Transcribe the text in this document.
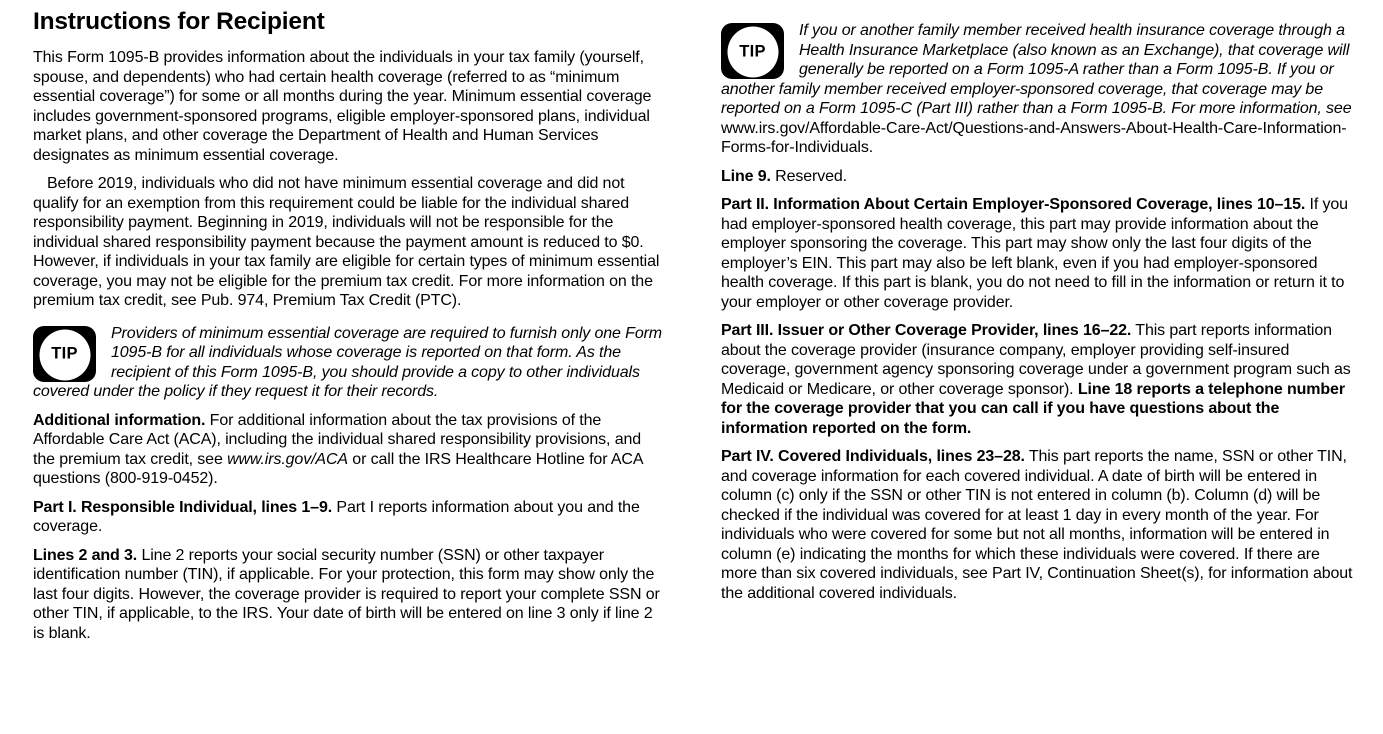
Instructions for Recipient

This Form 1095-B provides information about the individuals in your tax family (yourself, spouse, and dependents) who had certain health coverage (referred to as “minimum essential coverage”) for some or all months during the year. Minimum essential coverage includes government-sponsored programs, eligible employer-sponsored plans, individual market plans, and other coverage the Department of Health and Human Services designates as minimum essential coverage.

Before 2019, individuals who did not have minimum essential coverage and did not qualify for an exemption from this requirement could be liable for the individual shared responsibility payment. Beginning in 2019, individuals will not be responsible for the individual shared responsibility payment because the payment amount is reduced to $0. However, if individuals in your tax family are eligible for certain types of minimum essential coverage, you may not be eligible for the premium tax credit. For more information on the premium tax credit, see Pub. 974, Premium Tax Credit (PTC).

TIP
Providers of minimum essential coverage are required to furnish only one Form 1095-B for all individuals whose coverage is reported on that form. As the recipient of this Form 1095-B, you should provide a copy to other individuals covered under the policy if they request it for their records.

Additional information. For additional information about the tax provisions of the Affordable Care Act (ACA), including the individual shared responsibility provisions, and the premium tax credit, see www.irs.gov/ACA or call the IRS Healthcare Hotline for ACA questions (800-919-0452).

Part I. Responsible Individual, lines 1–9. Part I reports information about you and the coverage.

Lines 2 and 3. Line 2 reports your social security number (SSN) or other taxpayer identification number (TIN), if applicable. For your protection, this form may show only the last four digits. However, the coverage provider is required to report your complete SSN or other TIN, if applicable, to the IRS. Your date of birth will be entered on line 3 only if line 2 is blank.

TIP
If you or another family member received health insurance coverage through a Health Insurance Marketplace (also known as an Exchange), that coverage will generally be reported on a Form 1095-A rather than a Form 1095-B. If you or another family member received employer-sponsored coverage, that coverage may be reported on a Form 1095-C (Part III) rather than a Form 1095-B. For more information, see www.irs.gov/Affordable-Care-Act/Questions-and-Answers-About-Health-Care-Information-Forms-for-Individuals.

Line 9. Reserved.

Part II. Information About Certain Employer-Sponsored Coverage, lines 10–15. If you had employer-sponsored health coverage, this part may provide information about the employer sponsoring the coverage. This part may show only the last four digits of the employer’s EIN. This part may also be left blank, even if you had employer-sponsored health coverage. If this part is blank, you do not need to fill in the information or return it to your employer or other coverage provider.

Part III. Issuer or Other Coverage Provider, lines 16–22. This part reports information about the coverage provider (insurance company, employer providing self-insured coverage, government agency sponsoring coverage under a government program such as Medicaid or Medicare, or other coverage sponsor). Line 18 reports a telephone number for the coverage provider that you can call if you have questions about the information reported on the form.

Part IV. Covered Individuals, lines 23–28. This part reports the name, SSN or other TIN, and coverage information for each covered individual. A date of birth will be entered in column (c) only if the SSN or other TIN is not entered in column (b). Column (d) will be checked if the individual was covered for at least 1 day in every month of the year. For individuals who were covered for some but not all months, information will be entered in column (e) indicating the months for which these individuals were covered. If there are more than six covered individuals, see Part IV, Continuation Sheet(s), for information about the additional covered individuals.
